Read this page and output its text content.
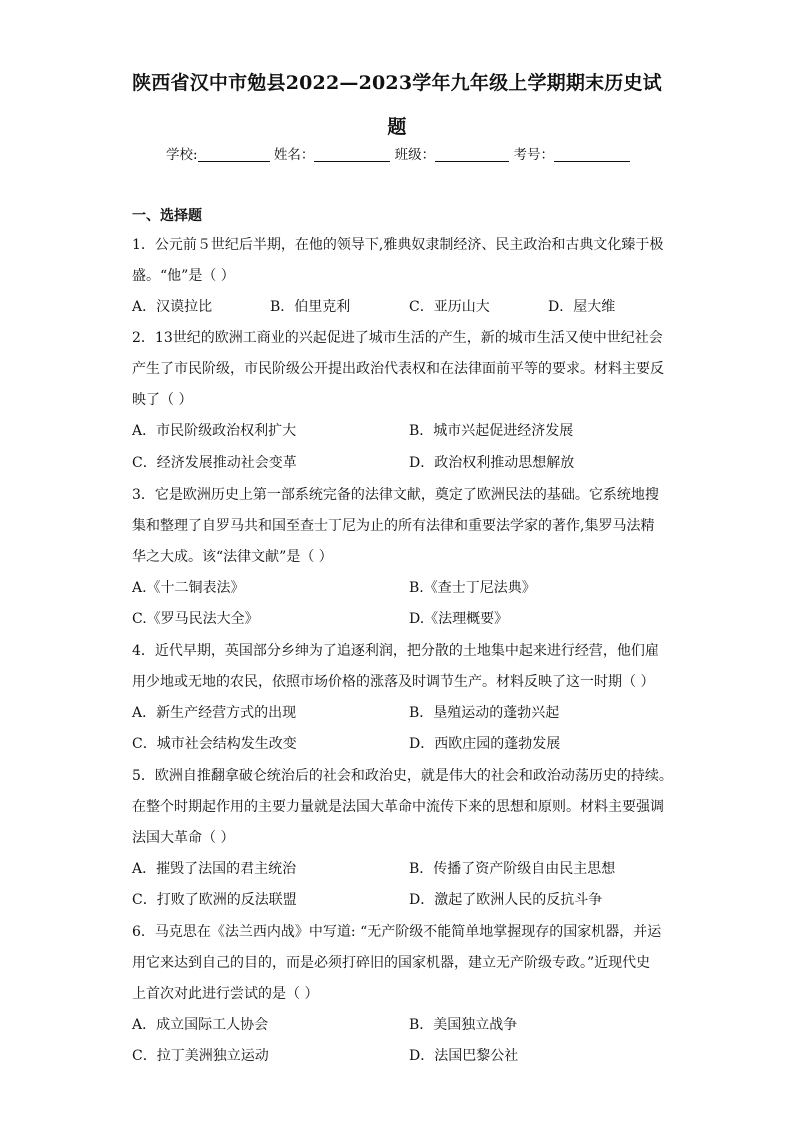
陕西省汉中市勉县2022—2023学年九年级上学期期末历史试
题
学校:	姓名：	班级：	考号：
一、选择题
1．公元前５世纪后半期，在他的领导下,雅典奴隶制经济、民主政治和古典文化臻于极
盛。“他”是（ ）
A．汉谟拉比	B．伯里克利	C．亚历山大	D．屋大维
2．13世纪的欧洲工商业的兴起促进了城市生活的产生，新的城市生活又使中世纪社会
产生了市民阶级，市民阶级公开提出政治代表权和在法律面前平等的要求。材料主要反
映了（ ）
A．市民阶级政治权利扩大	B．城市兴起促进经济发展
C．经济发展推动社会变革	D．政治权利推动思想解放
3．它是欧洲历史上第一部系统完备的法律文献，奠定了欧洲民法的基础。它系统地搜
集和整理了自罗马共和国至查士丁尼为止的所有法律和重要法学家的著作,集罗马法精
华之大成。该“法律文献”是（ ）
A.《十二铜表法》	B.《查士丁尼法典》
C.《罗马民法大全》	D.《法理概要》
4．近代早期，英国部分乡绅为了追逐利润，把分散的土地集中起来进行经营，他们雇
用少地或无地的农民，依照市场价格的涨落及时调节生产。材料反映了这一时期（ ）
A．新生产经营方式的出现	B．垦殖运动的蓬勃兴起
C．城市社会结构发生改变	D．西欧庄园的蓬勃发展
5．欧洲自推翻拿破仑统治后的社会和政治史，就是伟大的社会和政治动荡历史的持续。
在整个时期起作用的主要力量就是法国大革命中流传下来的思想和原则。材料主要强调
法国大革命（ ）
A．摧毁了法国的君主统治	B．传播了资产阶级自由民主思想
C．打败了欧洲的反法联盟	D．激起了欧洲人民的反抗斗争
6．马克思在《法兰西内战》中写道: “无产阶级不能简单地掌握现存的国家机器，并运
用它来达到自己的目的，而是必须打碎旧的国家机器，建立无产阶级专政。”近现代史
上首次对此进行尝试的是（ ）
A．成立国际工人协会	B．美国独立战争
C．拉丁美洲独立运动	D．法国巴黎公社
